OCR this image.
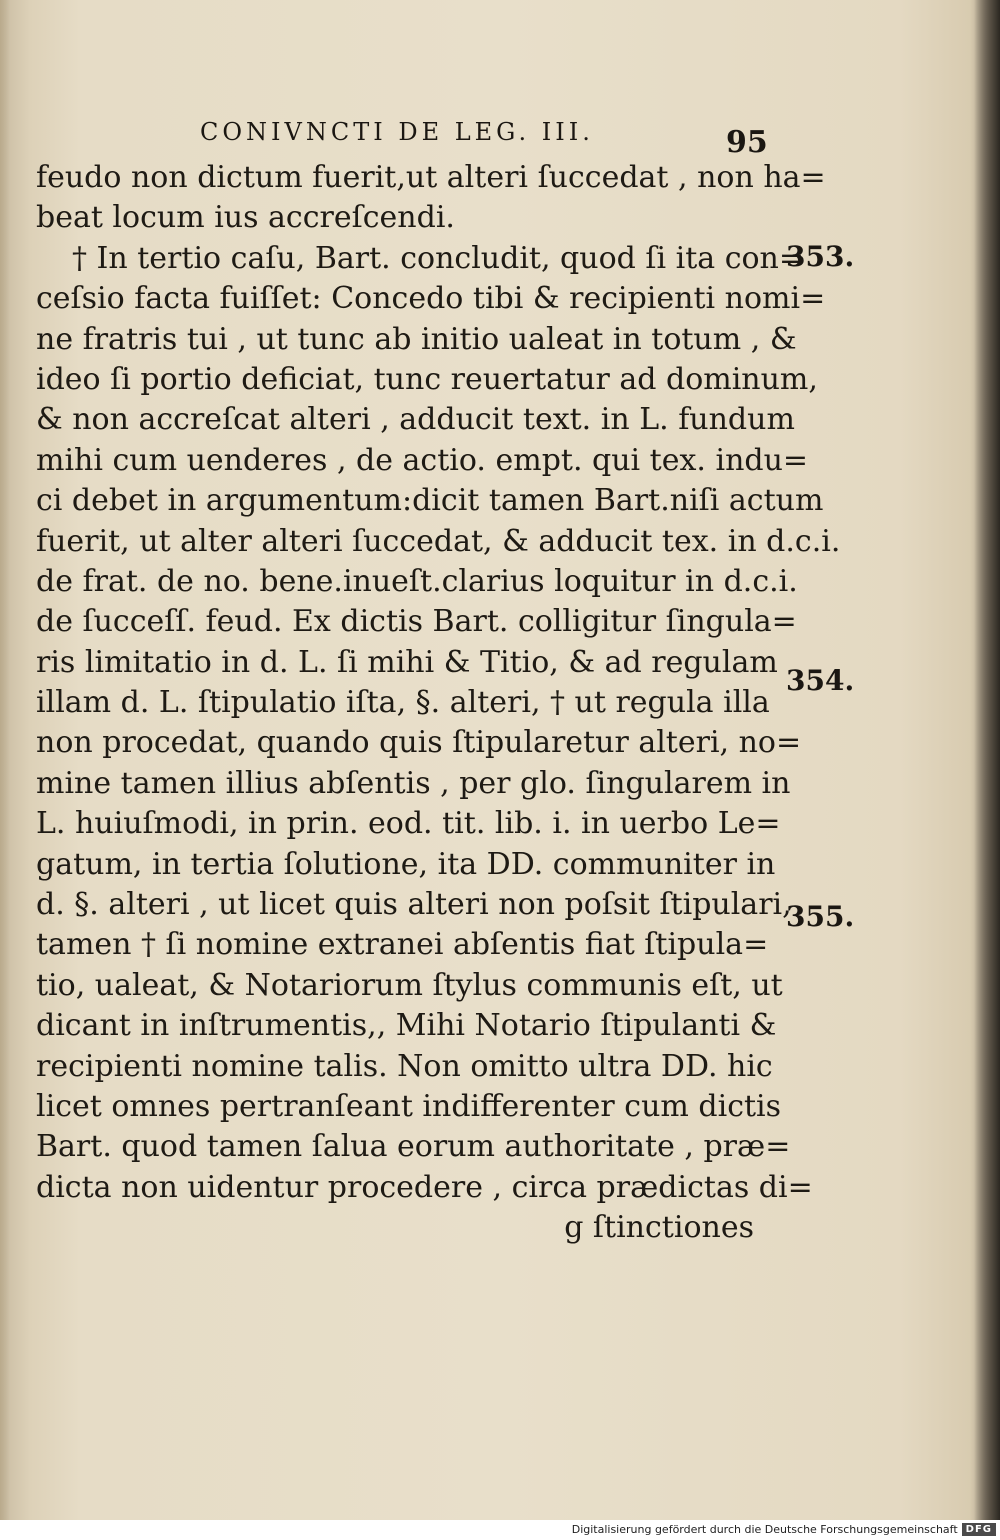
CONIVNCTI DE LEG. III.	95
feudo non dictum fuerit,ut alteri ſuccedat , non ha=
beat locum ius accreſcendi.
† In tertio caſu, Bart. concludit, quod ſi ita con=
ceſsio facta fuiſſet: Concedo tibi & recipienti nomi=
ne fratris tui , ut tunc ab initio ualeat in totum , &
ideo ſi portio deficiat, tunc reuertatur ad dominum,
& non accreſcat alteri , adducit text. in L. fundum
mihi cum uenderes , de actio. empt. qui tex. indu=
ci debet in argumentum:dicit tamen Bart.niſi actum
fuerit, ut alter alteri ſuccedat, & adducit tex. in d.c.i.
de frat. de no. bene.inueſt.clarius loquitur in d.c.i.
de ſucceſſ. feud. Ex dictis Bart. colligitur ſingula=
ris limitatio in d. L. ſi mihi & Titio, & ad regulam
illam d. L. ſtipulatio iſta, §. alteri, † ut regula illa
non procedat, quando quis ſtipularetur alteri, no=
mine tamen illius abſentis , per glo. ſingularem in
L. huiuſmodi, in prin. eod. tit. lib. i. in uerbo Le=
gatum, in tertia ſolutione, ita DD. communiter in
d. §. alteri , ut licet quis alteri non poſsit ſtipulari,
tamen † ſi nomine extranei abſentis fiat ſtipula=
tio, ualeat, & Notariorum ſtylus communis eſt, ut
dicant in inſtrumentis,, Mihi Notario ſtipulanti &
recipienti nomine talis. Non omitto ultra DD. hic
licet omnes pertranſeant indifferenter cum dictis
Bart. quod tamen ſalua eorum authoritate , præ=
dicta non uidentur procedere , circa prædictas di=
g ſtinctiones
353.
354.
355.
Digitalisierung gefördert durch die Deutsche Forschungsgemeinschaft DFG
